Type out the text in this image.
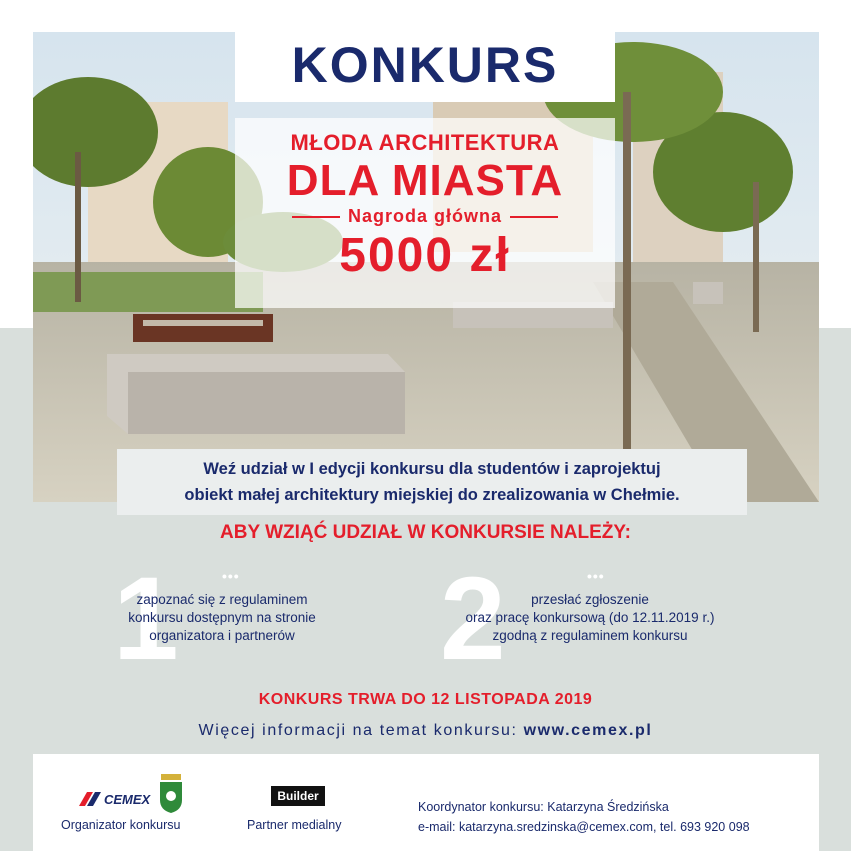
KONKURS
MŁODA ARCHITEKTURA
DLA MIASTA
Nagroda główna
5000 zł
Weź udział w I edycji konkursu dla studentów i zaprojektuj
obiekt małej architektury miejskiej do zrealizowania w Chełmie.
ABY WZIĄĆ UDZIAŁ W KONKURSIE NALEŻY:
1	•••
zapoznać się z regulaminem
konkursu dostępnym na stronie
organizatora i partnerów	2	•••
przesłać zgłoszenie
oraz pracę konkursową (do 12.11.2019 r.)
zgodną z regulaminem konkursu
KONKURS TRWA DO 12 LISTOPADA 2019
Więcej informacji na temat konkursu: www.cemex.pl
CEMEX	Builder
Organizator konkursu	Partner medialny
Koordynator konkursu: Katarzyna Średzińska
e-mail: katarzyna.sredzinska@cemex.com, tel. 693 920 098
